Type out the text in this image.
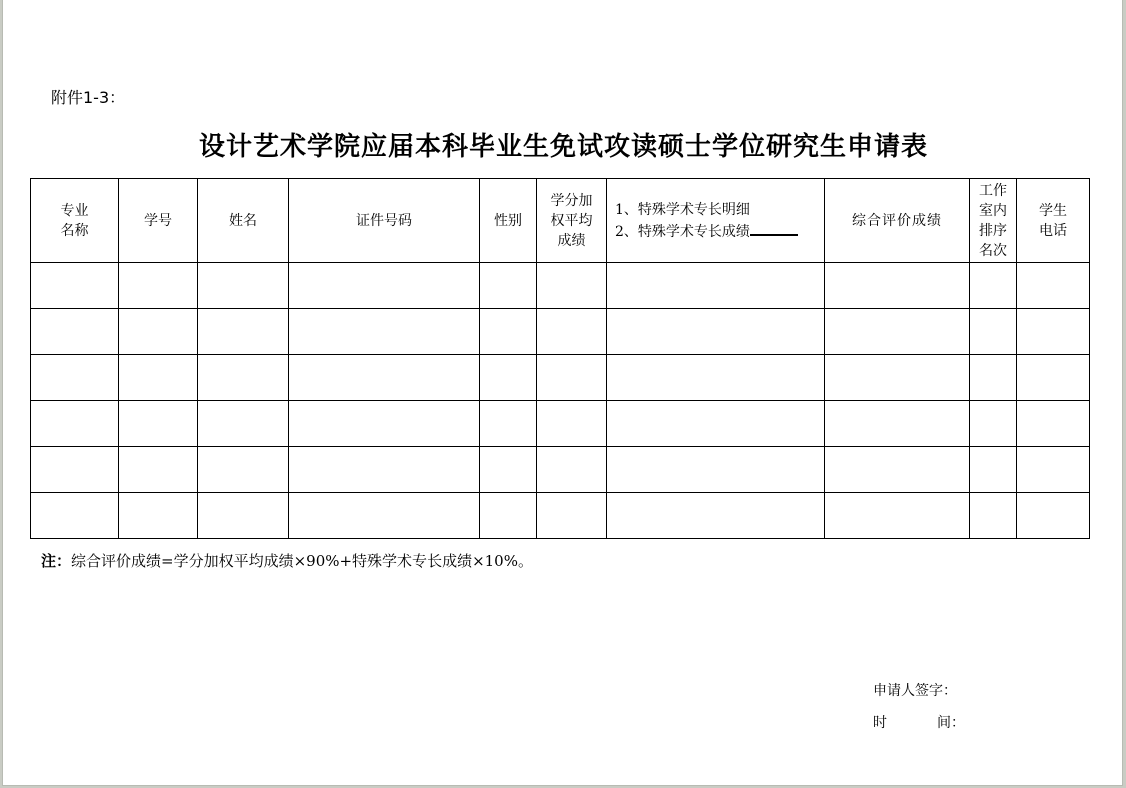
附件1-3：
设计艺术学院应届本科毕业生免试攻读硕士学位研究生申请表
专业
名称	学号	姓名	证件号码	性别	学分加
权平均
成绩	1、特殊学术专长明细
2、特殊学术专长成绩	综合评价成绩	工作
室内
排序
名次	学生
电话

注：综合评价成绩=学分加权平均成绩×90%+特殊学术专长成绩×10%。
申请人签字：
时	间：
